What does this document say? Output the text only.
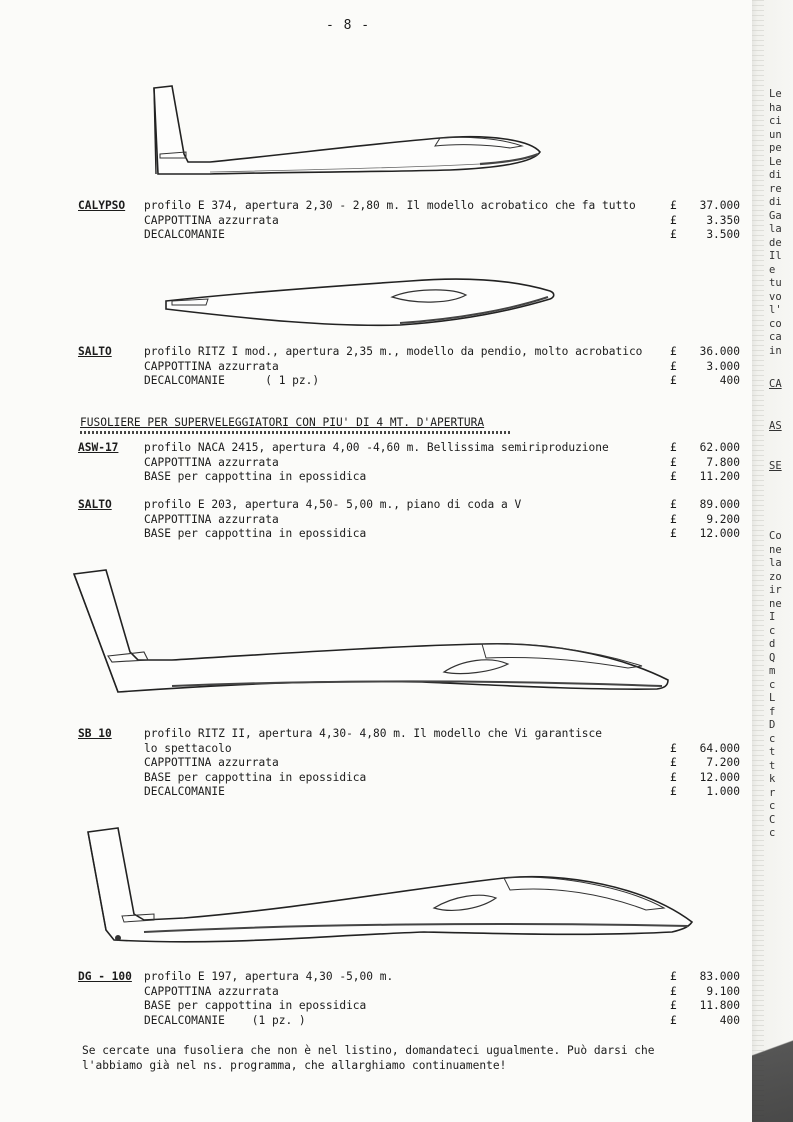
- 8 -
CALYPSO profilo E 374, apertura 2,30 - 2,80 m. Il modello acrobatico che fa tutto	£	37.000
CAPPOTTINA azzurrata	£	3.350
DECALCOMANIE	£	3.500
SALTO	profilo RITZ I mod., apertura 2,35 m., modello da pendio, molto acrobatico £	36.000
CAPPOTTINA azzurrata	£	3.000
DECALCOMANIE      ( 1 pz.)	£	400
FUSOLIERE PER SUPERVELEGGIATORI CON PIU' DI 4 MT. D'APERTURA
ASW-17 profilo NACA 2415, apertura 4,00 -4,60 m. Bellissima semiriproduzione	£	62.000
CAPPOTTINA azzurrata	£	7.800
BASE per cappottina in epossidica	£	11.200
SALTO	profilo E 203, apertura 4,50- 5,00 m., piano di coda a V	£	89.000
CAPPOTTINA azzurrata	£	9.200
BASE per cappottina in epossidica	£	12.000
SB 10	profilo RITZ II, apertura 4,30- 4,80 m. Il modello che Vi garantisce
lo spettacolo	£	64.000
CAPPOTTINA azzurrata	£	7.200
BASE per cappottina in epossidica	£	12.000
DECALCOMANIE	£	1.000
DG - 100 profilo E 197, apertura 4,30 -5,00 m.	£	83.000
CAPPOTTINA azzurrata	£	9.100
BASE per cappottina in epossidica	£	11.800
DECALCOMANIE    (1 pz. )	£	400
Se cercate una fusoliera che non è nel listino, domandateci ugualmente. Può darsi che
l'abbiamo già nel ns. programma, che allarghiamo continuamente!
Le
ha
ci
un
pe
Le
di
re
di
Ga
la
de
Il
e
tu
vo
l'
co
ca
in
CA
AS
SE
Co
ne
la
zo
ir
ne
I
c
d
Q
m
c
L
f
D
c
t
t
k
r
c
C
c
